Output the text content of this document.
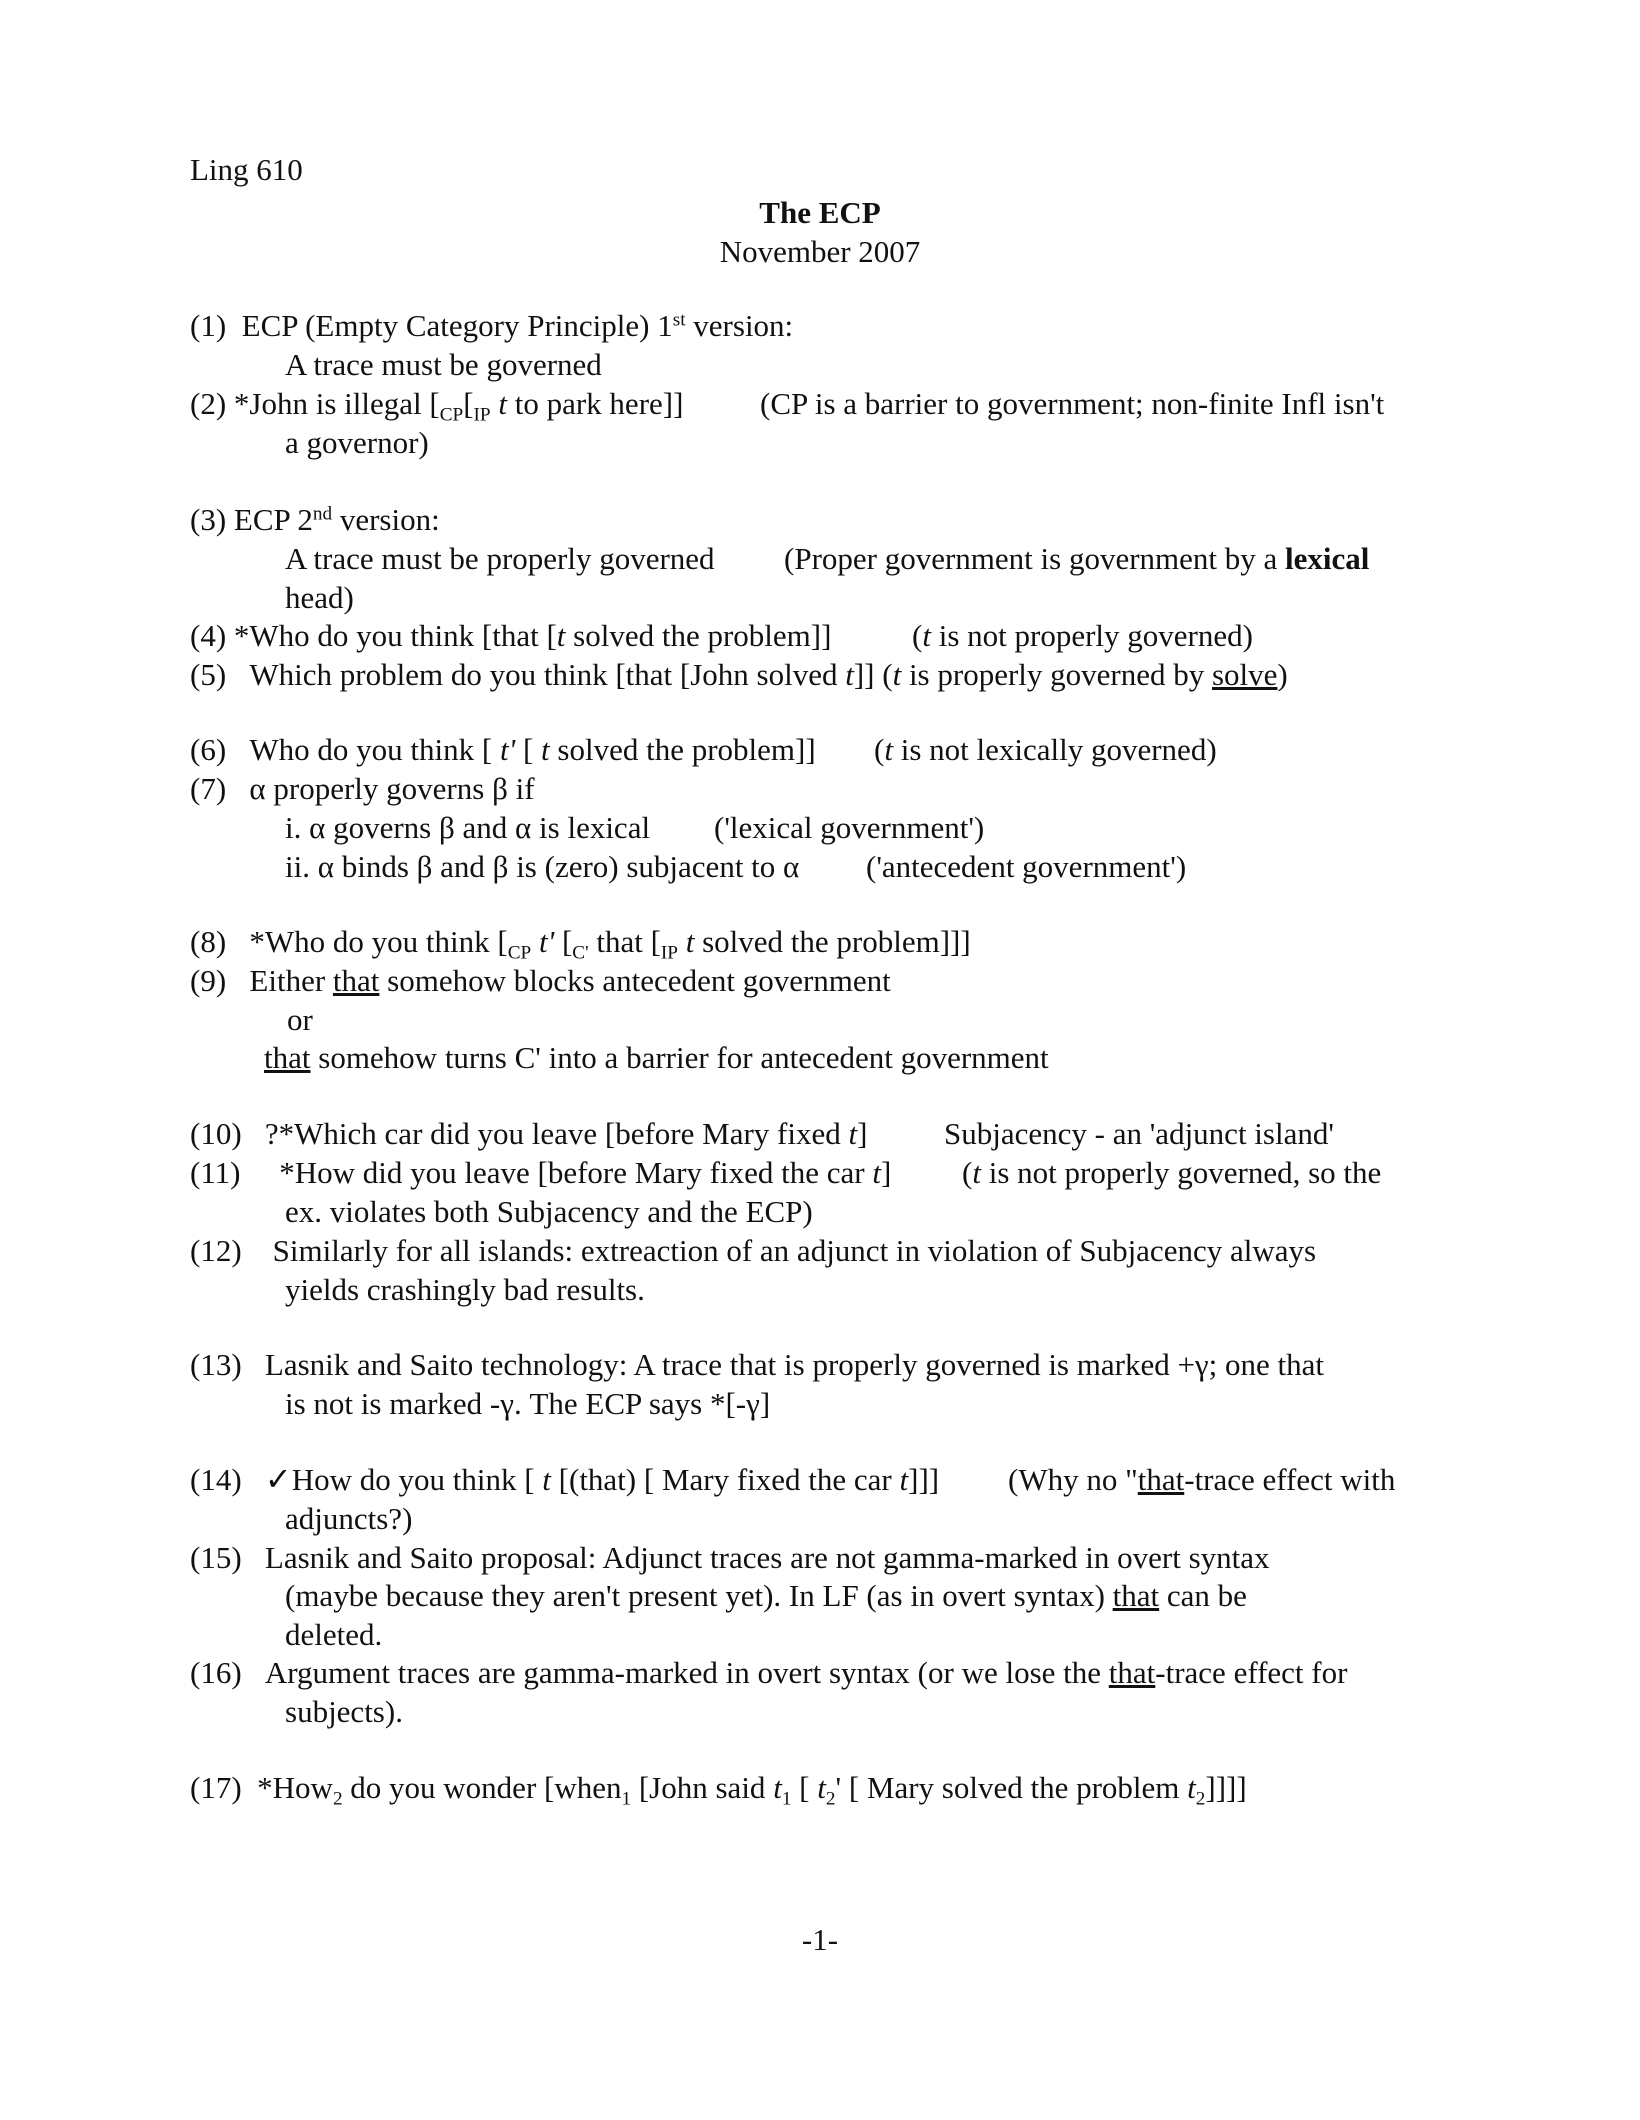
Ling 610
The ECP
November 2007
(1) ECP (Empty Category Principle) 1st version:
A trace must be governed
(2) *John is illegal [$_{CP}[_{IP}$ t to park here]] (CP is a barrier to government; non-finite Infl isn't
a governor)
(3) ECP 2nd version:
A trace must be properly governed (Proper government is government by a lexical
head)
(4) *Who do you think [that [t solved the problem]]	(t is not properly governed)
(5) Which problem do you think [that [John solved t]] (t is properly governed by solve)
(6) Who do you think [ t' [ t solved the problem]] (t is not lexically governed)
(7) α properly governs β if
i. α governs β and α is lexical ('lexical government')
ii. α binds β and β is (zero) subjacent to α ('antecedent government')
(8) *Who do you think [$_{CP}$ t' [$_{C'}$ that [$_{IP}$ t solved the problem]]]
(9) Either that somehow blocks antecedent government
or
that somehow turns C' into a barrier for antecedent government
(10) ?*Which car did you leave [before Mary fixed t] Subjacency - an 'adjunct island'
(11) *How did you leave [before Mary fixed the car t] (t is not properly governed, so the
ex. violates both Subjacency and the ECP)
(12) Similarly for all islands: extreaction of an adjunct in violation of Subjacency always
yields crashingly bad results.
(13) Lasnik and Saito technology: A trace that is properly governed is marked +γ; one that
is not is marked -γ. The ECP says *[-γ]
(14) ✓How do you think [ t [(that) [ Mary fixed the car t]]] (Why no "that-trace effect with
adjuncts?)
(15) Lasnik and Saito proposal: Adjunct traces are not gamma-marked in overt syntax
(maybe because they aren't present yet). In LF (as in overt syntax) that can be
deleted.
(16) Argument traces are gamma-marked in overt syntax (or we lose the that-trace effect for
subjects).
(17) *How$_2$ do you wonder [when$_1$ [John said $t_1$ [ $t_2'$ [ Mary solved the problem $t_2$]]]]
-1-
